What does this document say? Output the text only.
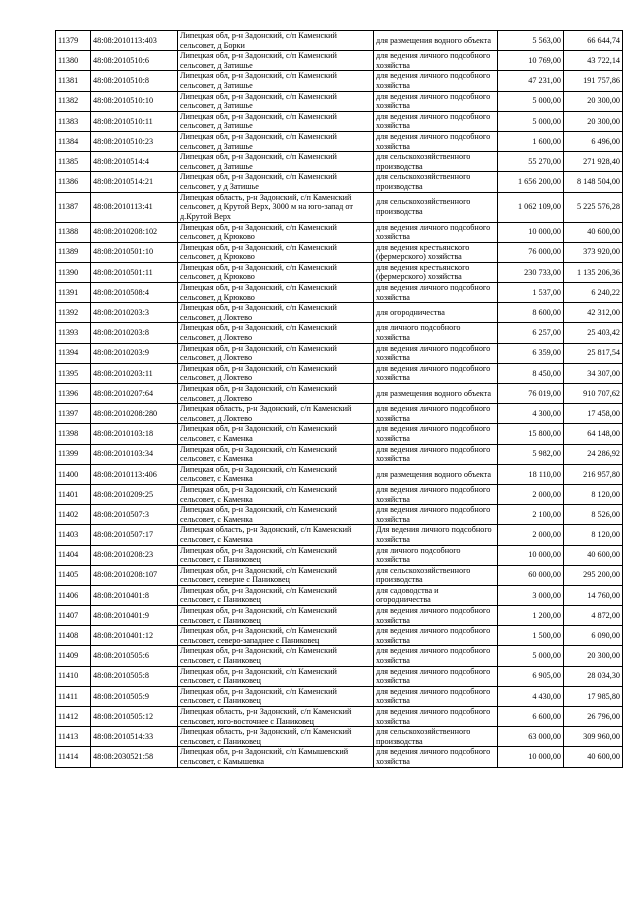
11379	48:08:2010113:403	Липецкая обл, р-н Задонский, с/п Каменский сельсовет, д Борки	для размещения водного объекта	5 563,00	66 644,74
11380	48:08:2010510:6	Липецкая обл, р-н Задонский, с/п Каменский сельсовет, д Затишье	для ведения личного подсобного хозяйства	10 769,00	43 722,14
11381	48:08:2010510:8	Липецкая обл, р-н Задонский, с/п Каменский сельсовет, д Затишье	для ведения личного подсобного хозяйства	47 231,00	191 757,86
11382	48:08:2010510:10	Липецкая обл, р-н Задонский, с/п Каменский сельсовет, д Затишье	для ведения личного подсобного хозяйства	5 000,00	20 300,00
11383	48:08:2010510:11	Липецкая обл, р-н Задонский, с/п Каменский сельсовет, д Затишье	для ведения личного подсобного хозяйства	5 000,00	20 300,00
11384	48:08:2010510:23	Липецкая обл, р-н Задонский, с/п Каменский сельсовет, д Затишье	для ведения личного подсобного хозяйства	1 600,00	6 496,00
11385	48:08:2010514:4	Липецкая обл, р-н Задонский, с/п Каменский сельсовет, д Затишье	для сельскохозяйственного производства	55 270,00	271 928,40
11386	48:08:2010514:21	Липецкая обл, р-н Задонский, с/п Каменский сельсовет, у д Затишье	для сельскохозяйственного производства	1 656 200,00	8 148 504,00
11387	48:08:2010113:41	Липецкая область, р-н Задонский, с/п Каменский сельсовет, д Крутой Верх, 3000 м на юго-запад от д.Крутой Верх	для сельскохозяйственного производства	1 062 109,00	5 225 576,28
11388	48:08:2010208:102	Липецкая обл, р-н Задонский, с/п Каменский сельсовет, д Крюково	для ведения личного подсобного хозяйства	10 000,00	40 600,00
11389	48:08:2010501:10	Липецкая обл, р-н Задонский, с/п Каменский сельсовет, д Крюково	для ведения крестьянского (фермерского) хозяйства	76 000,00	373 920,00
11390	48:08:2010501:11	Липецкая обл, р-н Задонский, с/п Каменский сельсовет, д Крюково	для ведения крестьянского (фермерского) хозяйства	230 733,00	1 135 206,36
11391	48:08:2010508:4	Липецкая обл, р-н Задонский, с/п Каменский сельсовет, д Крюково	для ведения личного подсобного хозяйства	1 537,00	6 240,22
11392	48:08:2010203:3	Липецкая обл, р-н Задонский, с/п Каменский сельсовет, д Локтево	для огородничества	8 600,00	42 312,00
11393	48:08:2010203:8	Липецкая обл, р-н Задонский, с/п Каменский сельсовет, д Локтево	для личного подсобного хозяйства	6 257,00	25 403,42
11394	48:08:2010203:9	Липецкая обл, р-н Задонский, с/п Каменский сельсовет, д Локтево	для ведения личного подсобного хозяйства	6 359,00	25 817,54
11395	48:08:2010203:11	Липецкая обл, р-н Задонский, с/п Каменский сельсовет, д Локтево	для ведения личного подсобного хозяйства	8 450,00	34 307,00
11396	48:08:2010207:64	Липецкая обл, р-н Задонский, с/п Каменский сельсовет, д Локтево	для размещения водного объекта	76 019,00	910 707,62
11397	48:08:2010208:280	Липецкая область, р-н Задонский, с/п Каменский сельсовет, д Локтево	для ведения личного подсобного хозяйства	4 300,00	17 458,00
11398	48:08:2010103:18	Липецкая обл, р-н Задонский, с/п Каменский сельсовет, с Каменка	для ведения личного подсобного хозяйства	15 800,00	64 148,00
11399	48:08:2010103:34	Липецкая обл, р-н Задонский, с/п Каменский сельсовет, с Каменка	для ведения личного подсобного хозяйства	5 982,00	24 286,92
11400	48:08:2010113:406	Липецкая обл, р-н Задонский, с/п Каменский сельсовет, с Каменка	для размещения водного объекта	18 110,00	216 957,80
11401	48:08:2010209:25	Липецкая обл, р-н Задонский, с/п Каменский сельсовет, с Каменка	для ведения личного подсобного хозяйства	2 000,00	8 120,00
11402	48:08:2010507:3	Липецкая обл, р-н Задонский, с/п Каменский сельсовет, с Каменка	для ведения личного подсобного хозяйства	2 100,00	8 526,00
11403	48:08:2010507:17	Липецкая область, р-н Задонский, с/п Каменский сельсовет, с Каменка	Для ведения личного подсобного хозяйства	2 000,00	8 120,00
11404	48:08:2010208:23	Липецкая обл, р-н Задонский, с/п Каменский сельсовет, с Паниковец	для личного подсобного хозяйства	10 000,00	40 600,00
11405	48:08:2010208:107	Липецкая обл, р-н Задонский, с/п Каменский сельсовет, северне с Паниковец	для сельскохозяйственного производства	60 000,00	295 200,00
11406	48:08:2010401:8	Липецкая обл, р-н Задонский, с/п Каменский сельсовет, с Паниковец	для садоводства и огородничества	3 000,00	14 760,00
11407	48:08:2010401:9	Липецкая обл, р-н Задонский, с/п Каменский сельсовет, с Паниковец	для ведения личного подсобного хозяйства	1 200,00	4 872,00
11408	48:08:2010401:12	Липецкая обл, р-н Задонский, с/п Каменский сельсовет, северо-западнее с Паниковец	для ведения личного подсобного хозяйства	1 500,00	6 090,00
11409	48:08:2010505:6	Липецкая обл, р-н Задонский, с/п Каменский сельсовет, с Паниковец	для ведения личного подсобного хозяйства	5 000,00	20 300,00
11410	48:08:2010505:8	Липецкая обл, р-н Задонский, с/п Каменский сельсовет, с Паниковец	для ведения личного подсобного хозяйства	6 905,00	28 034,30
11411	48:08:2010505:9	Липецкая обл, р-н Задонский, с/п Каменский сельсовет, с Паниковец	для ведения личного подсобного хозяйства	4 430,00	17 985,80
11412	48:08:2010505:12	Липецкая область, р-н Задонский, с/п Каменский сельсовет, юго-восточнее с Паниковец	для ведения личного подсобного хозяйства	6 600,00	26 796,00
11413	48:08:2010514:33	Липецкая область, р-н Задонский, с/п Каменский сельсовет, с Паниковец	для сельскохозяйственного производства	63 000,00	309 960,00
11414	48:08:2030521:58	Липецкая обл, р-н Задонский, с/п Камышевский сельсовет, с Камышевка	для ведения личного подсобного хозяйства	10 000,00	40 600,00
